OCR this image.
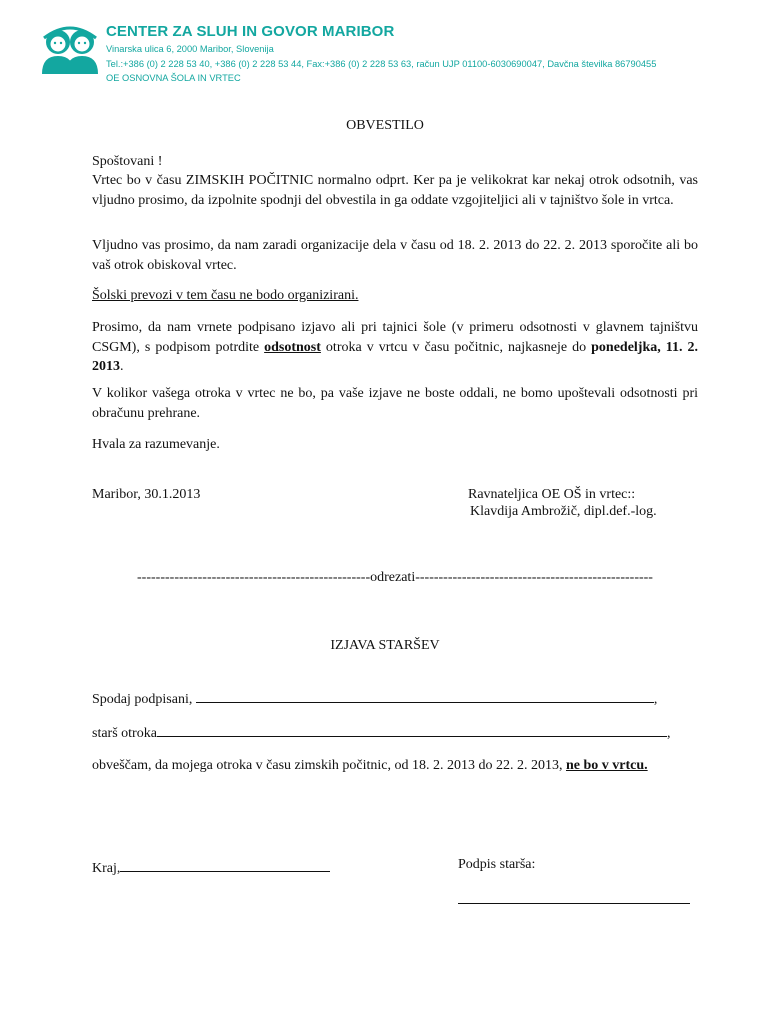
CENTER ZA SLUH IN GOVOR MARIBOR

Vinarska ulica 6, 2000 Maribor, Slovenija

Tel.:+386 (0) 2 228 53 40, +386 (0) 2 228 53 44, Fax:+386 (0) 2 228 53 63, račun UJP 01100-6030690047, Davčna številka 86790455

OE OSNOVNA ŠOLA IN VRTEC

OBVESTILO

Spoštovani !

Vrtec bo v času ZIMSKIH POČITNIC normalno odprt. Ker pa je velikokrat kar nekaj otrok odsotnih, vas vljudno prosimo, da izpolnite spodnji del obvestila in ga oddate vzgojiteljici ali v tajništvo šole in vrtca.

Vljudno vas prosimo, da nam zaradi organizacije dela v času od 18. 2. 2013 do 22. 2. 2013 sporočite ali bo vaš otrok obiskoval vrtec.

Šolski prevozi v tem času ne bodo organizirani.

Prosimo, da nam vrnete podpisano izjavo ali pri tajnici šole (v primeru odsotnosti v glavnem tajništvu CSGM), s podpisom potrdite odsotnost otroka v vrtcu v času počitnic, najkasneje do ponedeljka, 11. 2. 2013.

V kolikor vašega otroka v vrtec ne bo, pa vaše izjave ne boste oddali, ne bomo upoštevali odsotnosti pri obračunu prehrane.

Hvala za razumevanje.

Maribor, 30.1.2013	Ravnateljica OE OŠ in vrtec::

Klavdija Ambrožič, dipl.def.-log.

--------------------------------------------------odrezati---------------------------------------------------
IZJAVA STARŠEV

Spodaj podpisani,	,

starš otroka	,

obveščam, da mojega otroka v času zimskih počitnic, od 18. 2. 2013 do 22. 2. 2013, ne bo v vrtcu.

Kraj,	Podpis starša:
